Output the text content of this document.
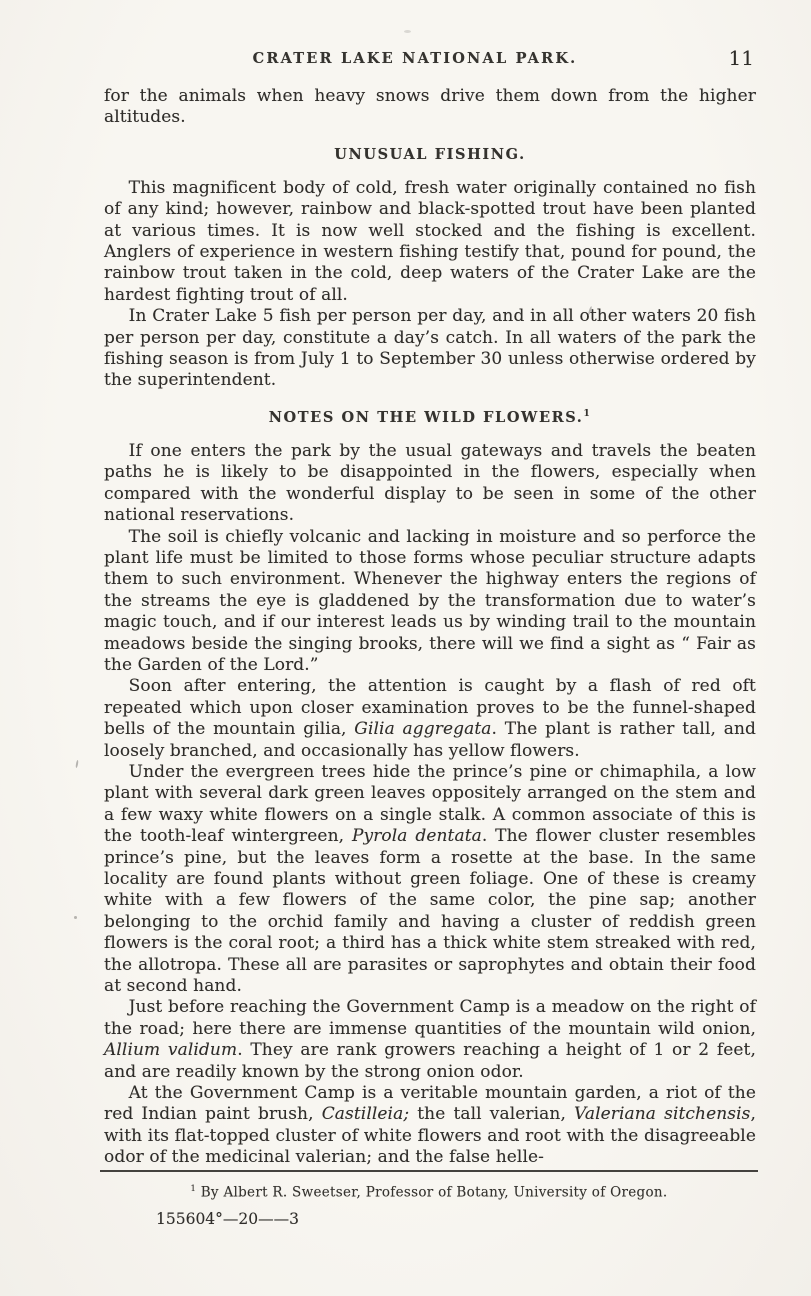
CRATER LAKE NATIONAL PARK.	11

for the animals when heavy snows drive them down from the higher altitudes.

UNUSUAL FISHING.

This magnificent body of cold, fresh water originally contained no fish of any kind; however, rainbow and black-spotted trout have been planted at various times. It is now well stocked and the fishing is excellent. Anglers of experience in western fishing testify that, pound for pound, the rainbow trout taken in the cold, deep waters of the Crater Lake are the hardest fighting trout of all.

In Crater Lake 5 fish per person per day, and in all other waters 20 fish per person per day, constitute a day’s catch. In all waters of the park the fishing season is from July 1 to September 30 unless otherwise ordered by the superintendent.

NOTES ON THE WILD FLOWERS.$^1$

If one enters the park by the usual gateways and travels the beaten paths he is likely to be disappointed in the flowers, especially when compared with the wonderful display to be seen in some of the other national reservations.

The soil is chiefly volcanic and lacking in moisture and so perforce the plant life must be limited to those forms whose peculiar structure adapts them to such environment. Whenever the highway enters the regions of the streams the eye is gladdened by the transformation due to water’s magic touch, and if our interest leads us by winding trail to the mountain meadows beside the singing brooks, there will we find a sight as “ Fair as the Garden of the Lord.”

Soon after entering, the attention is caught by a flash of red oft repeated which upon closer examination proves to be the funnel-shaped bells of the mountain gilia, Gilia aggregata. The plant is rather tall, and loosely branched, and occasionally has yellow flowers.

Under the evergreen trees hide the prince’s pine or chimaphila, a low plant with several dark green leaves oppositely arranged on the stem and a few waxy white flowers on a single stalk. A common associate of this is the tooth-leaf wintergreen, Pyrola dentata. The flower cluster resembles prince’s pine, but the leaves form a rosette at the base. In the same locality are found plants without green foliage. One of these is creamy white with a few flowers of the same color, the pine sap; another belonging to the orchid family and having a cluster of reddish green flowers is the coral root; a third has a thick white stem streaked with red, the allotropa. These all are parasites or saprophytes and obtain their food at second hand.

Just before reaching the Government Camp is a meadow on the right of the road; here there are immense quantities of the mountain wild onion, Allium validum. They are rank growers reaching a height of 1 or 2 feet, and are readily known by the strong onion odor.

At the Government Camp is a veritable mountain garden, a riot of the red Indian paint brush, Castilleia; the tall valerian, Valeriana sitchensis, with its flat-topped cluster of white flowers and root with the disagreeable odor of the medicinal valerian; and the false helle-

$^1$ By Albert R. Sweetser, Professor of Botany, University of Oregon.

155604°—20——3
